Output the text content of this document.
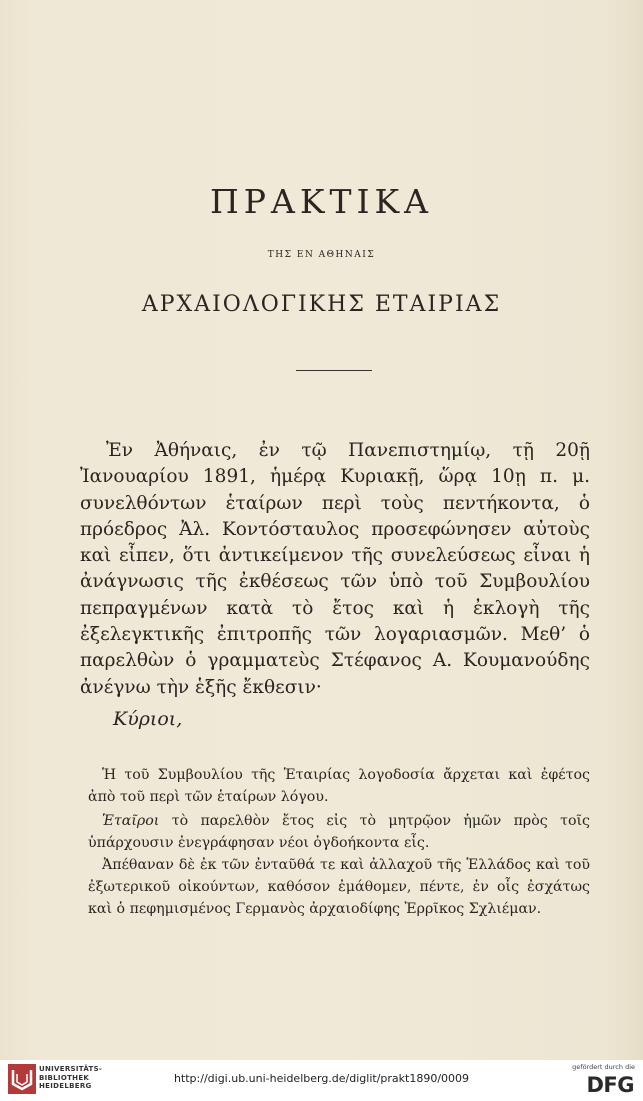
ΠΡΑΚΤΙΚΑ
ΤΗΣ ΕΝ ΑΘΗΝΑΙΣ
ΑΡΧΑΙΟΛΟΓΙΚΗΣ ΕΤΑΙΡΙΑΣ

Ἐν Ἀθήναις, ἐν τῷ Πανεπιστημίῳ, τῇ 20ῇ Ἰανουαρίου 1891, ἡμέρᾳ Κυριακῇ, ὥρᾳ 10ῃ π. μ. συνελθόντων ἑταίρων περὶ τοὺς πεντήκοντα, ὁ πρόεδρος Ἀλ. Κοντόσταυλος προσεφώνησεν αὐτοὺς καὶ εἶπεν, ὅτι ἀντικείμενον τῆς συνελεύσεως εἶναι ἡ ἀνάγνωσις τῆς ἐκθέσεως τῶν ὑπὸ τοῦ Συμβουλίου πεπραγμένων κατὰ τὸ ἔτος καὶ ἡ ἐκλογὴ τῆς ἐξελεγκτικῆς ἐπιτροπῆς τῶν λογαριασμῶν. Μεθ’ ὁ παρελθὼν ὁ γραμματεὺς Στέφανος Α. Κουμανούδης ἀνέγνω τὴν ἑξῆς ἔκθεσιν·

Κύριοι,

Ἡ τοῦ Συμβουλίου τῆς Ἑταιρίας λογοδοσία ἄρχεται καὶ ἐφέτος ἀπὸ τοῦ περὶ τῶν ἑταίρων λόγου.

Ἑταῖροι τὸ παρελθὸν ἔτος εἰς τὸ μητρῷον ἡμῶν πρὸς τοῖς ὑπάρχουσιν ἐνεγράφησαν νέοι ὀγδοήκοντα εἷς.

Ἀπέθαναν δὲ ἐκ τῶν ἐνταῦθά τε καὶ ἀλλαχοῦ τῆς Ἑλλάδος καὶ τοῦ ἐξωτερικοῦ οἰκούντων, καθόσον ἐμάθομεν, πέντε, ἐν οἷς ἐσχάτως καὶ ὁ πεφημισμένος Γερμανὸς ἀρχαιοδίφης Ἐρρῖκος Σχλιέμαν.

UNIVERSITÄTS-
BIBLIOTHEK
HEIDELBERG
http://digi.ub.uni-heidelberg.de/diglit/prakt1890/0009
gefördert durch die
DFG
